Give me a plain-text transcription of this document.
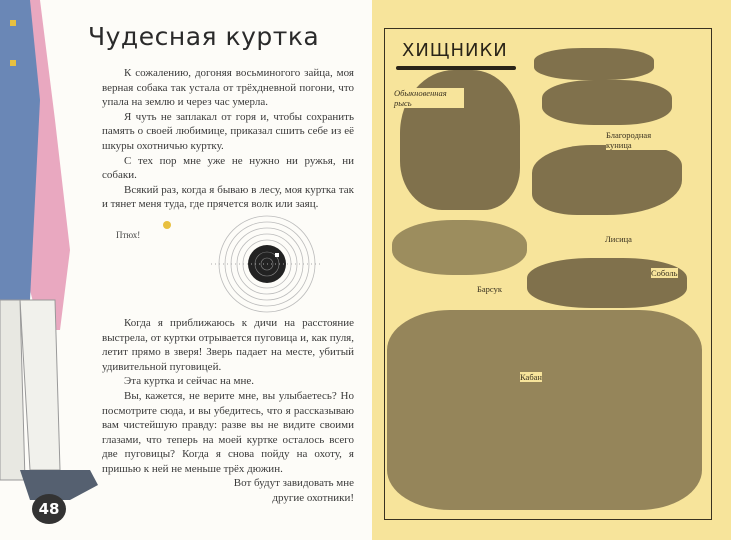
Чудесная куртка

К сожалению, догоняя восьминогого зайца, моя верная собака так устала от трёхдневной погони, что упала на землю и через час умерла.

Я чуть не заплакал от горя и, чтобы сохранить память о своей любимице, приказал сшить себе из её шкуры охотничью куртку.

С тех пор мне уже не нужно ни ружья, ни собаки.

Всякий раз, когда я бываю в лесу, моя куртка так и тянет меня туда, где прячется волк или заяц.

Птюх!

Когда я приближаюсь к дичи на расстояние выстрела, от куртки отрывается пуговица и, как пуля, летит прямо в зверя! Зверь падает на месте, убитый удивительной пуговицей.

Эта куртка и сейчас на мне.

Вы, кажется, не верите мне, вы улыбаетесь? Но посмотрите сюда, и вы убедитесь, что я рассказываю вам чистейшую правду: разве вы не видите своими глазами, что теперь на моей куртке осталось всего две пуговицы? Когда я снова пойду на охоту, я пришью к ней не меньше трёх дюжин.

Вот будут завидовать мне другие охотники!
48
ХИЩНИКИ
Обыкновенная рысь
Благородная куница
Лисица
Соболь
Барсук
Кабан
